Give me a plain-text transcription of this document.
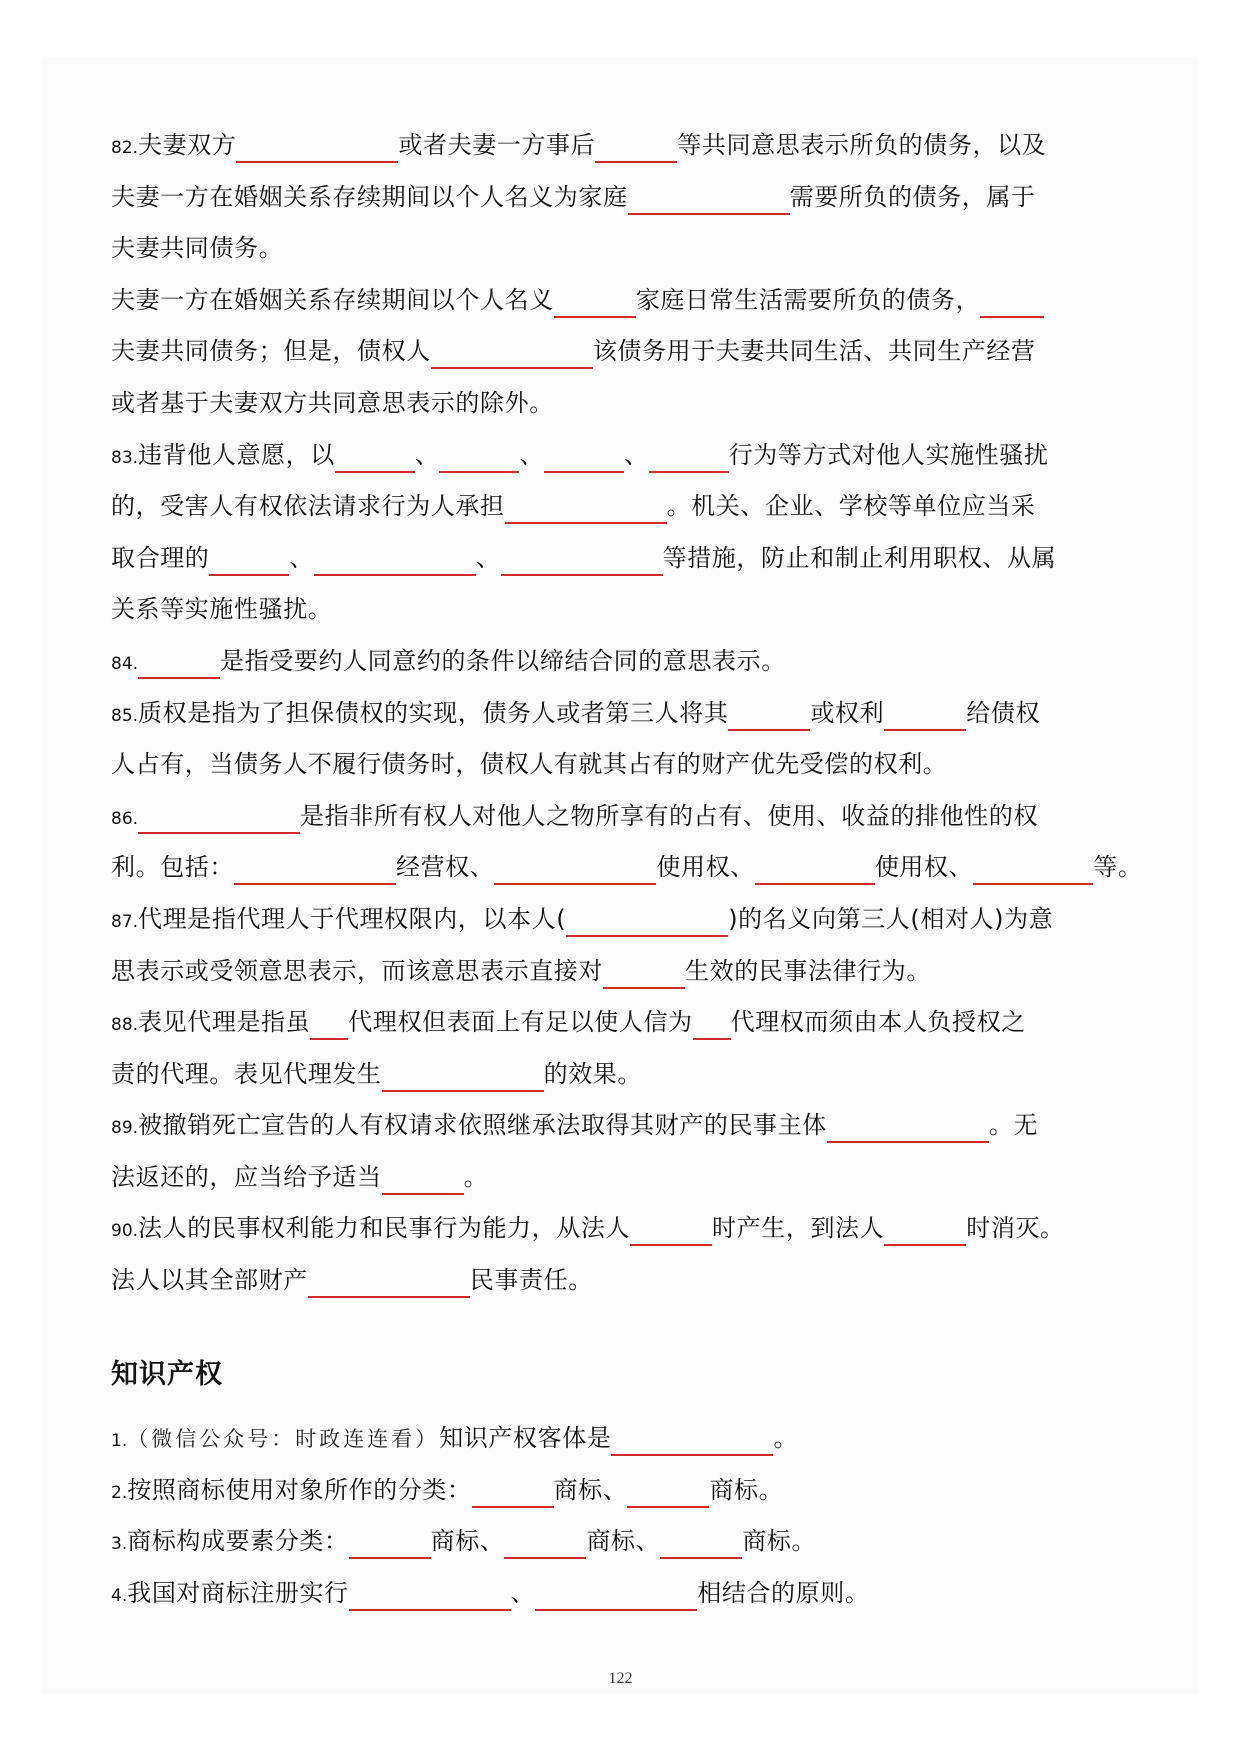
82.夫妻双方	或者夫妻一方事后	等共同意思表示所负的债务，以及
夫妻一方在婚姻关系存续期间以个人名义为家庭	需要所负的债务，属于
夫妻共同债务。
夫妻一方在婚姻关系存续期间以个人名义	家庭日常生活需要所负的债务，
夫妻共同债务；但是，债权人	该债务用于夫妻共同生活、共同生产经营
或者基于夫妻双方共同意思表示的除外。
83.违背他人意愿，以	、	、	、	行为等方式对他人实施性骚扰
的，受害人有权依法请求行为人承担	。机关、企业、学校等单位应当采
取合理的	、	、	等措施，防止和制止利用职权、从属
关系等实施性骚扰。
84.	是指受要约人同意约的条件以缔结合同的意思表示。
85.质权是指为了担保债权的实现，债务人或者第三人将其	或权利	给债权
人占有，当债务人不履行债务时，债权人有就其占有的财产优先受偿的权利。
86.	是指非所有权人对他人之物所享有的占有、使用、收益的排他性的权
利。包括：	经营权、	使用权、	使用权、	等。
87.代理是指代理人于代理权限内，以本人(	)的名义向第三人(相对人)为意
思表示或受领意思表示，而该意思表示直接对	生效的民事法律行为。
88.表见代理是指虽 代理权但表面上有足以使人信为 代理权而须由本人负授权之
责的代理。表见代理发生	的效果。
89.被撤销死亡宣告的人有权请求依照继承法取得其财产的民事主体	。无
法返还的，应当给予适当	。
90.法人的民事权利能力和民事行为能力，从法人	时产生，到法人	时消灭。
法人以其全部财产	民事责任。
知识产权
1.（微信公众号：时政连连看）知识产权客体是	。
2.按照商标使用对象所作的分类：	商标、	商标。
3.商标构成要素分类：	商标、	商标、	商标。
4.我国对商标注册实行	、	相结合的原则。
122
